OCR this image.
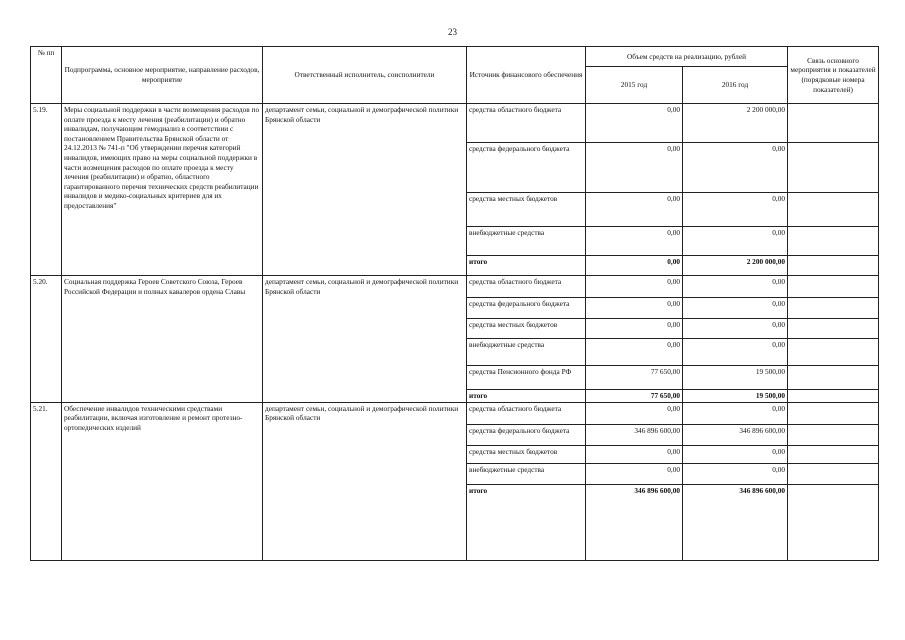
23
№ пп	Подпрограмма, основное мероприятие, направление расходов, мероприятие	Ответственный исполнитель, соисполнители	Источник финансового обеспечения	Объем средств на реализацию, рублей		Связь основного мероприятия и показателей (порядковые номера показателей)
				2015 год	2016 год	
5.19.	Меры социальной поддержки в части возмещения расходов по оплате проезда к месту лечения (реабилитации) и обратно инвалидам, получающим гемодиализ в соответствии с постановлением Правительства Брянской области от 24.12.2013 № 741-п "Об утверждении перечня категорий инвалидов, имеющих право на меры социальной поддержки в части возмещения расходов по оплате проезда к месту лечения (реабилитации) и обратно, областного гарантированного перечня технических средств реабилитации инвалидов и медико-социальных критериев для их предоставления"	департамент семьи, социальной и демографической политики Брянской области	средства областного бюджета	0,00	2 200 000,00	
			средства федерального бюджета	0,00	0,00	
			средства местных бюджетов	0,00	0,00	
			внебюджетные средства	0,00	0,00	
			итого	0,00	2 200 000,00	
5.20.	Социальная поддержка Героев Советского Союза, Героев Российской Федерации и полных кавалеров ордена Славы	департамент семьи, социальной и демографической политики Брянской области	средства областного бюджета	0,00	0,00	
			средства федерального бюджета	0,00	0,00	
			средства местных бюджетов	0,00	0,00	
			внебюджетные средства	0,00	0,00	
			средства Пенсионного фонда РФ	77 650,00	19 500,00	
			итого	77 650,00	19 500,00	
5.21.	Обеспечение инвалидов техническими средствами реабилитации, включая изготовление и ремонт протезно-ортопедических изделий	департамент семьи, социальной и демографической политики Брянской области	средства областного бюджета	0,00	0,00	
			средства федерального бюджета	346 896 600,00	346 896 600,00	
			средства местных бюджетов	0,00	0,00	
			внебюджетные средства	0,00	0,00	
			итого	346 896 600,00	346 896 600,00	
